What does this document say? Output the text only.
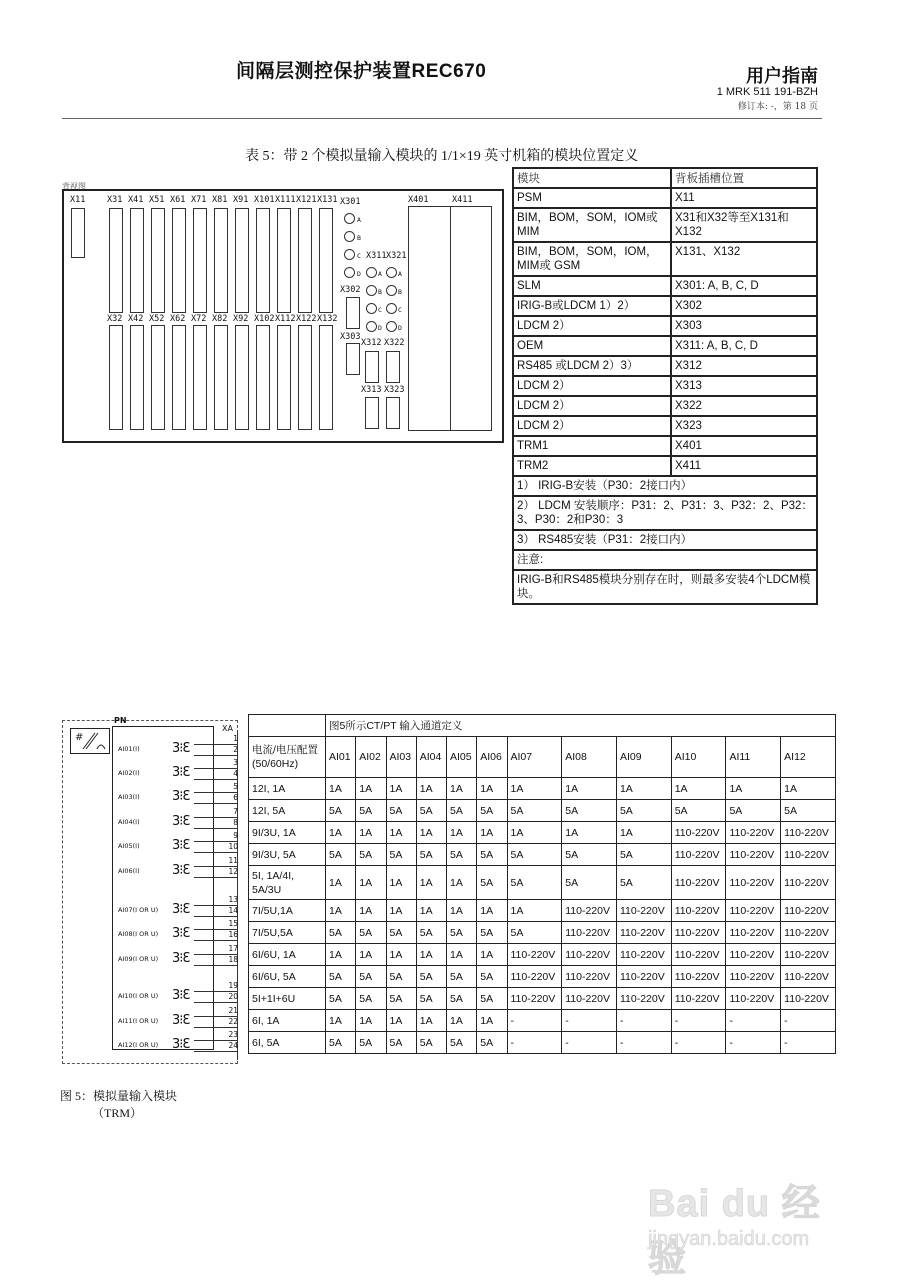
间隔层测控保护装置REC670	用户指南
1 MRK 511 191-BZH
修订本: -，第 18 页
表 5：带 2 个模拟量输入模块的 1/1×19 英寸机箱的模块位置定义
背视图
X11	X301
A
B
C
D
X311 X321
A
B
C
D
A
B
C
D
X302
X303
X312 X322
X313 X323
X401	X411
X31 X41 X51 X61 X71 X81 X91 X101 X111 X121 X131
X32 X42 X52 X62 X72 X82 X92 X102 X112 X122 X132
模块	背板插槽位置
PSM	X11
BIM，BOM，SOM，IOM或MIM	X31和X32等至X131和X132
BIM，BOM，SOM，IOM，MIM或 GSM	X131、X132
SLM	X301: A, B, C, D
IRIG-B或LDCM 1）2）	X302
LDCM 2）	X303
OEM	X311: A, B, C, D
RS485 或LDCM 2）3）	X312
LDCM 2）	X313
LDCM 2）	X322
LDCM 2）	X323
TRM1	X401
TRM2	X411
1） IRIG-B安装（P30：2接口内）	
2） LDCM 安装顺序：P31：2、P31：3、P32：2、P32：3、P30：2和P30：3	
3） RS485安装（P31：2接口内）	
注意:	
IRIG-B和RS485模块分别存在时，则最多安装4个LDCM模块。	
#
PN
XA
AI01(I) 3⁝Ɛ
1
2
AI02(I) 3⁝Ɛ
3
4
AI03(I) 3⁝Ɛ
5
6
AI04(I) 3⁝Ɛ
7
8
AI05(I) 3⁝Ɛ
9
10
AI06(I) 3⁝Ɛ
11
12
AI07(I OR U) 3⁝Ɛ
13
14
AI08(I OR U) 3⁝Ɛ
15
16
AI09(I OR U) 3⁝Ɛ
17
18
AI10(I OR U) 3⁝Ɛ
19
20
AI11(I OR U) 3⁝Ɛ
21
22
AI12(I OR U) 3⁝Ɛ
23
24
图 5：模拟量输入模块
（TRM）
	图5所示CT/PT 输入通道定义											
电流/电压配置 (50/60Hz)	AI01	AI02	AI03	AI04	AI05	AI06	AI07	AI08	AI09	AI10	AI11	AI12
12I, 1A	1A	1A	1A	1A	1A	1A	1A	1A	1A	1A	1A	1A
12I, 5A	5A	5A	5A	5A	5A	5A	5A	5A	5A	5A	5A	5A
9I/3U, 1A	1A	1A	1A	1A	1A	1A	1A	1A	1A	110-220V	110-220V	110-220V
9I/3U, 5A	5A	5A	5A	5A	5A	5A	5A	5A	5A	110-220V	110-220V	110-220V
5I, 1A/4I, 5A/3U	1A	1A	1A	1A	1A	5A	5A	5A	5A	110-220V	110-220V	110-220V
7I/5U,1A	1A	1A	1A	1A	1A	1A	1A	110-220V	110-220V	110-220V	110-220V	110-220V
7I/5U,5A	5A	5A	5A	5A	5A	5A	5A	110-220V	110-220V	110-220V	110-220V	110-220V
6I/6U, 1A	1A	1A	1A	1A	1A	1A	110-220V	110-220V	110-220V	110-220V	110-220V	110-220V
6I/6U, 5A	5A	5A	5A	5A	5A	5A	110-220V	110-220V	110-220V	110-220V	110-220V	110-220V
5I+1I+6U	5A	5A	5A	5A	5A	5A	110-220V	110-220V	110-220V	110-220V	110-220V	110-220V
6I, 1A	1A	1A	1A	1A	1A	1A	-	-	-	-	-	-
6I, 5A	5A	5A	5A	5A	5A	5A	-	-	-	-	-	-
Bai du 经验
jingyan.baidu.com
